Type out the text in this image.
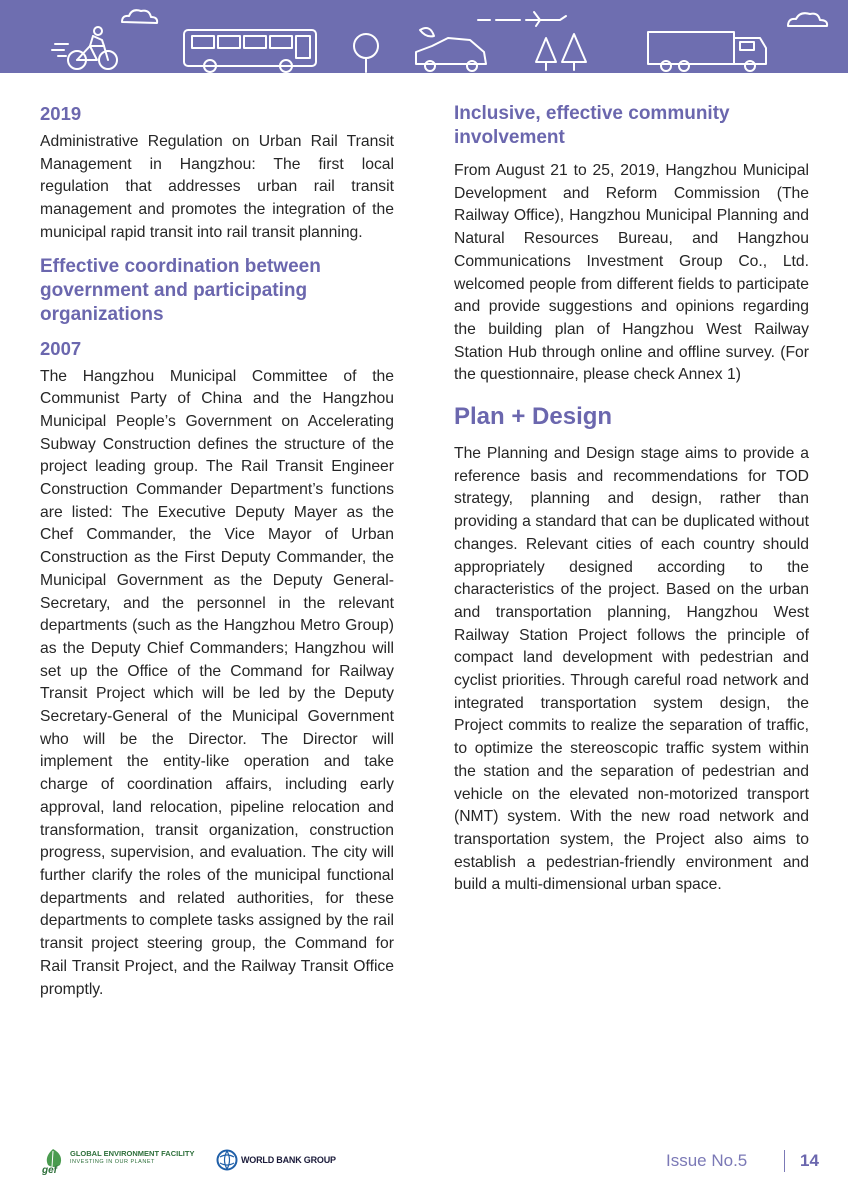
2019

Administrative Regulation on Urban Rail Transit Management in Hangzhou: The first local regulation that addresses urban rail transit management and promotes the integration of the municipal rapid transit into rail transit planning.

Effective coordination between government and participating organizations
2007

The Hangzhou Municipal Committee of the Communist Party of China and the Hangzhou Municipal People’s Government on Accelerating Subway Construction defines the structure of the project leading group. The Rail Transit Engineer Construction Commander Department’s functions are listed: The Executive Deputy Mayer as the Chef Commander, the Vice Mayor of Urban Construction as the First Deputy Commander, the Municipal Government as the Deputy General-Secretary, and the personnel in the relevant departments (such as the Hangzhou Metro Group) as the Deputy Chief Commanders; Hangzhou will set up the Office of the Command for Railway Transit Project which will be led by the Deputy Secretary-General of the Municipal Government who will be the Director. The Director will implement the entity-like operation and take charge of coordination affairs, including early approval, land relocation, pipeline relocation and transformation, transit organization, construction progress, supervision, and evaluation. The city will further clarify the roles of the municipal functional departments and related authorities, for these departments to complete tasks assigned by the rail transit project steering group, the Command for Rail Transit Project, and the Railway Transit Office promptly.

Inclusive, effective community involvement

From August 21 to 25, 2019, Hangzhou Municipal Development and Reform Commission (The Railway Office), Hangzhou Municipal Planning and Natural Resources Bureau, and Hangzhou Communications Investment Group Co., Ltd. welcomed people from different fields to participate and provide suggestions and opinions regarding the building plan of Hangzhou West Railway Station Hub through online and offline survey. (For the questionnaire, please check Annex 1)

Plan + Design

The Planning and Design stage aims to provide a reference basis and recommendations for TOD strategy, planning and design, rather than providing a standard that can be duplicated without changes. Relevant cities of each country should appropriately designed according to the characteristics of the project. Based on the urban and transportation planning, Hangzhou West Railway Station Project follows the principle of compact land development with pedestrian and cyclist priorities. Through careful road network and integrated transportation system design, the Project commits to realize the separation of traffic, to optimize the stereoscopic traffic system within the station and the separation of pedestrian and vehicle on the elevated non-motorized transport (NMT) system. With the new road network and transportation system, the Project also aims to establish a pedestrian-friendly environment and build a multi-dimensional urban space.

GLOBAL ENVIRONMENT FACILITY
INVESTING IN OUR PLANET
gef
WORLD BANK GROUP	Issue No.5	14
